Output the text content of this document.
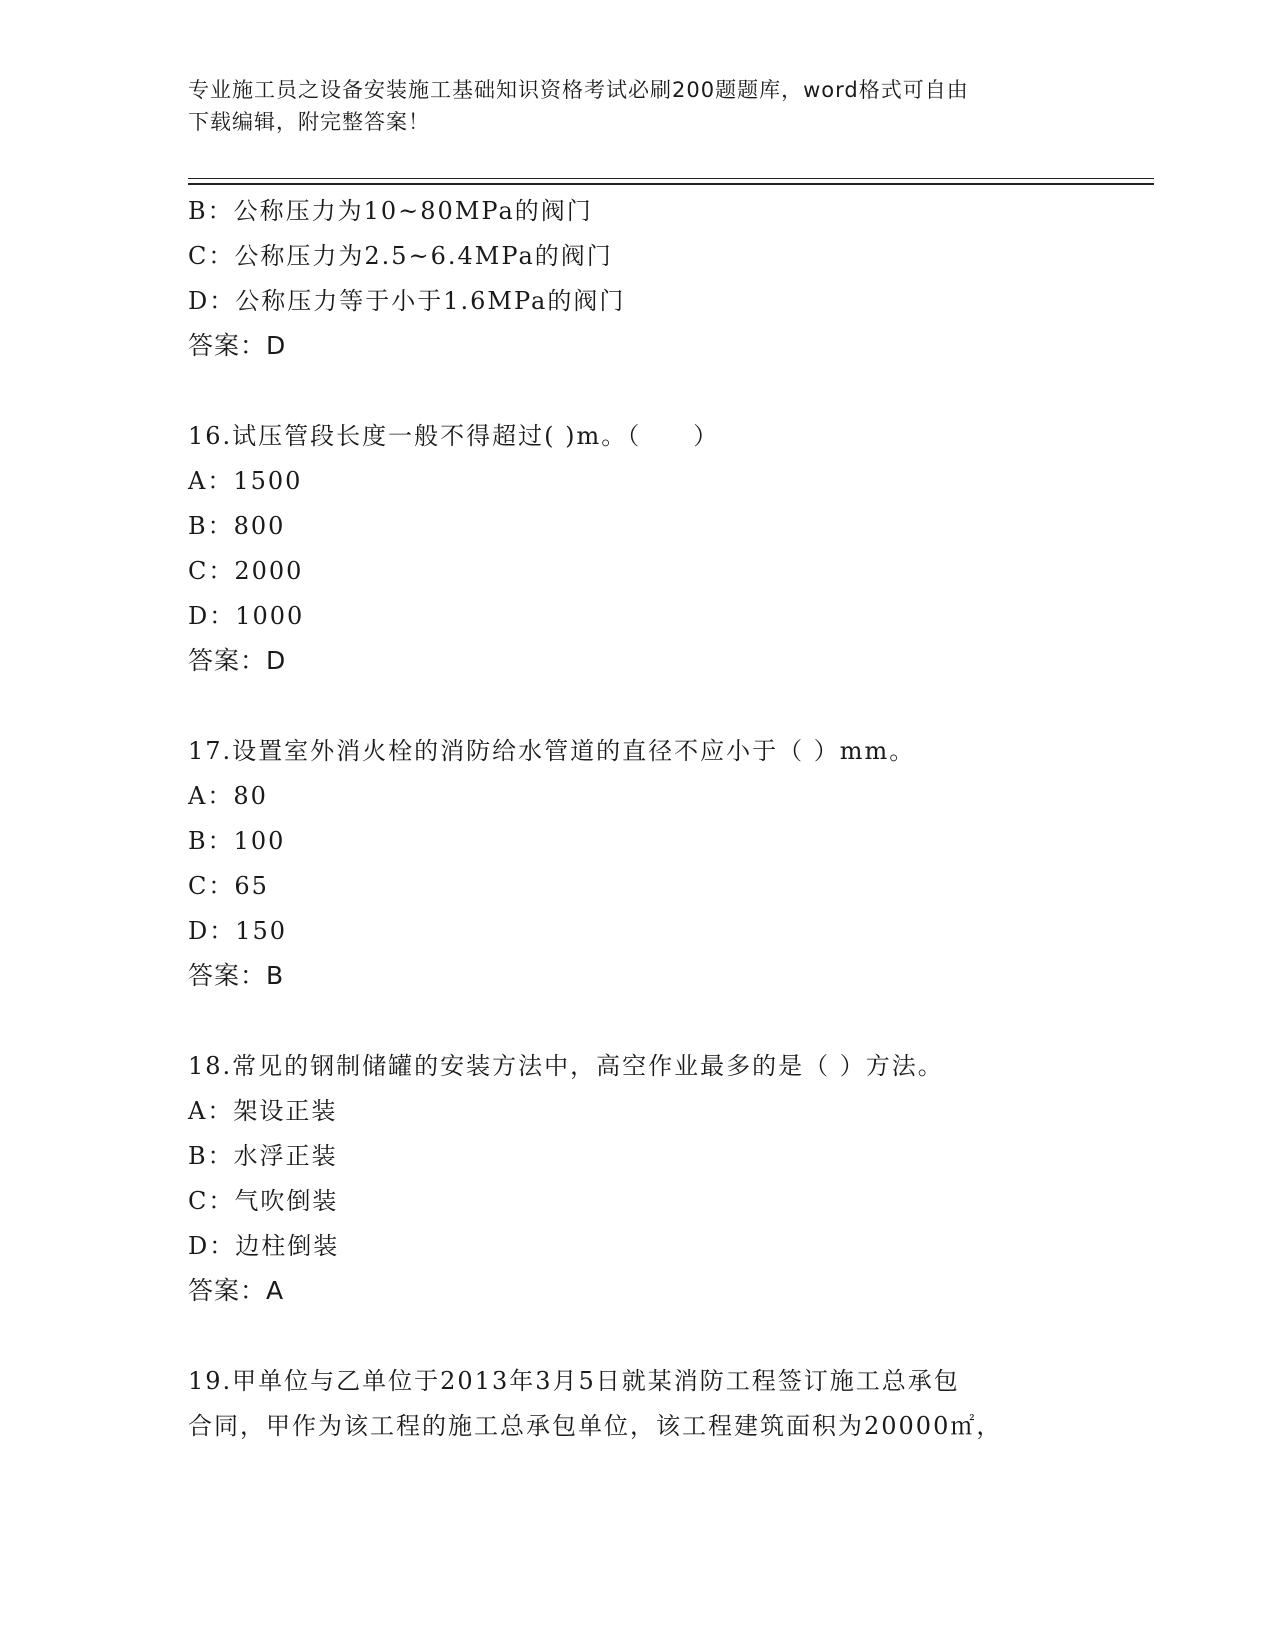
专业施工员之设备安装施工基础知识资格考试必刷200题题库，word格式可自由
下载编辑，附完整答案！
B：公称压力为10~80MPa的阀门
C：公称压力为2.5~6.4MPa的阀门
D：公称压力等于小于1.6MPa的阀门
答案：D
16.试压管段长度一般不得超过( )m。（　　）
A：1500
B：800
C：2000
D：1000
答案：D
17.设置室外消火栓的消防给水管道的直径不应小于（ ）mm。
A：80
B：100
C：65
D：150
答案：B
18.常见的钢制储罐的安装方法中，高空作业最多的是（ ）方法。
A：架设正装
B：水浮正装
C：气吹倒装
D：边柱倒装
答案：A
19.甲单位与乙单位于2013年3月5日就某消防工程签订施工总承包
合同，甲作为该工程的施工总承包单位，该工程建筑面积为20000㎡，
